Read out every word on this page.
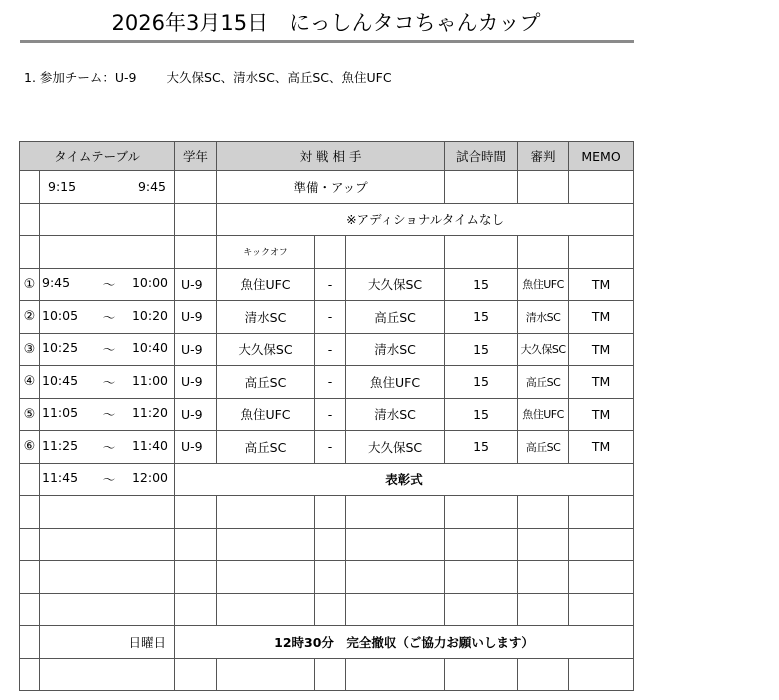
2026年3月15日　にっしんタコちゃんカップ
1. 参加チーム：U-9 大久保SC、清水SC、高丘SC、魚住UFC
タイムテーブル		学年	対 戦 相 手			試合時間	審判	MEMO

	9:15 9:45		準備・アップ					
			※アディショナルタイムなし					
			キックオフ					
①	9:45 ～ 10:00	U-9	魚住UFC	-	大久保SC	15	魚住UFC	TM
②	10:05 ～ 10:20	U-9	清水SC	-	高丘SC	15	清水SC	TM
③	10:25 ～ 10:40	U-9	大久保SC	-	清水SC	15	大久保SC	TM
④	10:45 ～ 11:00	U-9	高丘SC	-	魚住UFC	15	高丘SC	TM
⑤	11:05 ～ 11:20	U-9	魚住UFC	-	清水SC	15	魚住UFC	TM
⑥	11:25 ～ 11:40	U-9	高丘SC	-	大久保SC	15	高丘SC	TM

	11:45 ～ 12:00	表彰式						

	日曜日	12時30分　完全撤収（ご協力お願いします）						
